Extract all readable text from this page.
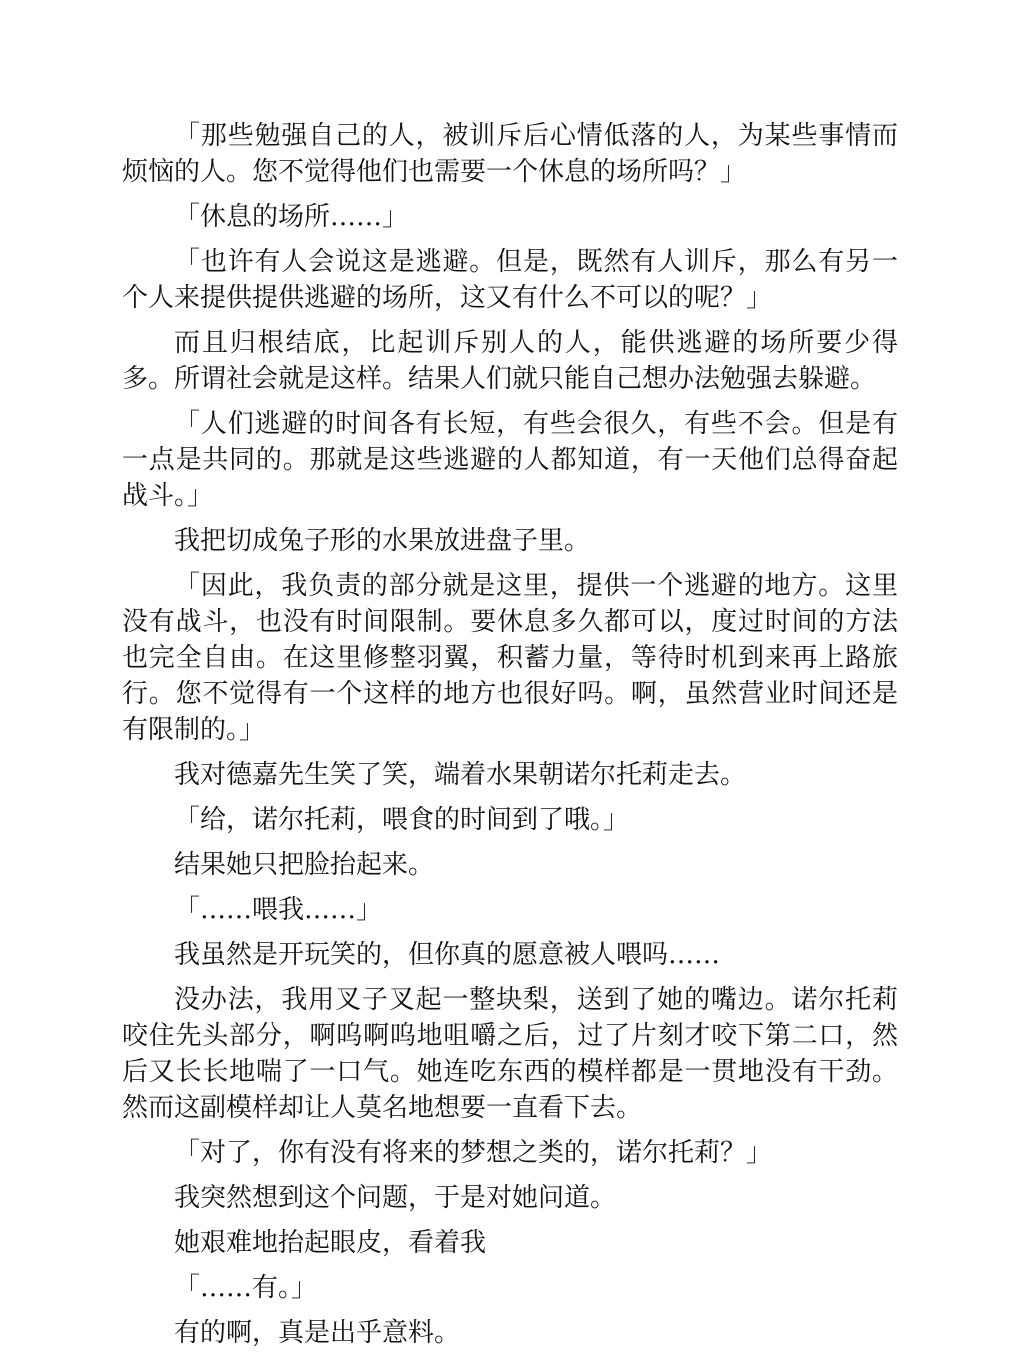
「那些勉强自己的人，被训斥后心情低落的人，为某些事情而烦恼的人。您不觉得他们也需要一个休息的场所吗？」

「休息的场所……」

「也许有人会说这是逃避。但是，既然有人训斥，那么有另一个人来提供提供逃避的场所，这又有什么不可以的呢？」

而且归根结底，比起训斥别人的人，能供逃避的场所要少得多。所谓社会就是这样。结果人们就只能自己想办法勉强去躲避。

「人们逃避的时间各有长短，有些会很久，有些不会。但是有一点是共同的。那就是这些逃避的人都知道，有一天他们总得奋起战斗。」

我把切成兔子形的水果放进盘子里。

「因此，我负责的部分就是这里，提供一个逃避的地方。这里没有战斗，也没有时间限制。要休息多久都可以，度过时间的方法也完全自由。在这里修整羽翼，积蓄力量，等待时机到来再上路旅行。您不觉得有一个这样的地方也很好吗。啊，虽然营业时间还是有限制的。」

我对德嘉先生笑了笑，端着水果朝诺尔托莉走去。

「给，诺尔托莉，喂食的时间到了哦。」

结果她只把脸抬起来。

「……喂我……」

我虽然是开玩笑的，但你真的愿意被人喂吗……

没办法，我用叉子叉起一整块梨，送到了她的嘴边。诺尔托莉咬住先头部分，啊呜啊呜地咀嚼之后，过了片刻才咬下第二口，然后又长长地喘了一口气。她连吃东西的模样都是一贯地没有干劲。然而这副模样却让人莫名地想要一直看下去。

「对了，你有没有将来的梦想之类的，诺尔托莉？」

我突然想到这个问题，于是对她问道。

她艰难地抬起眼皮，看着我

「……有。」

有的啊，真是出乎意料。
